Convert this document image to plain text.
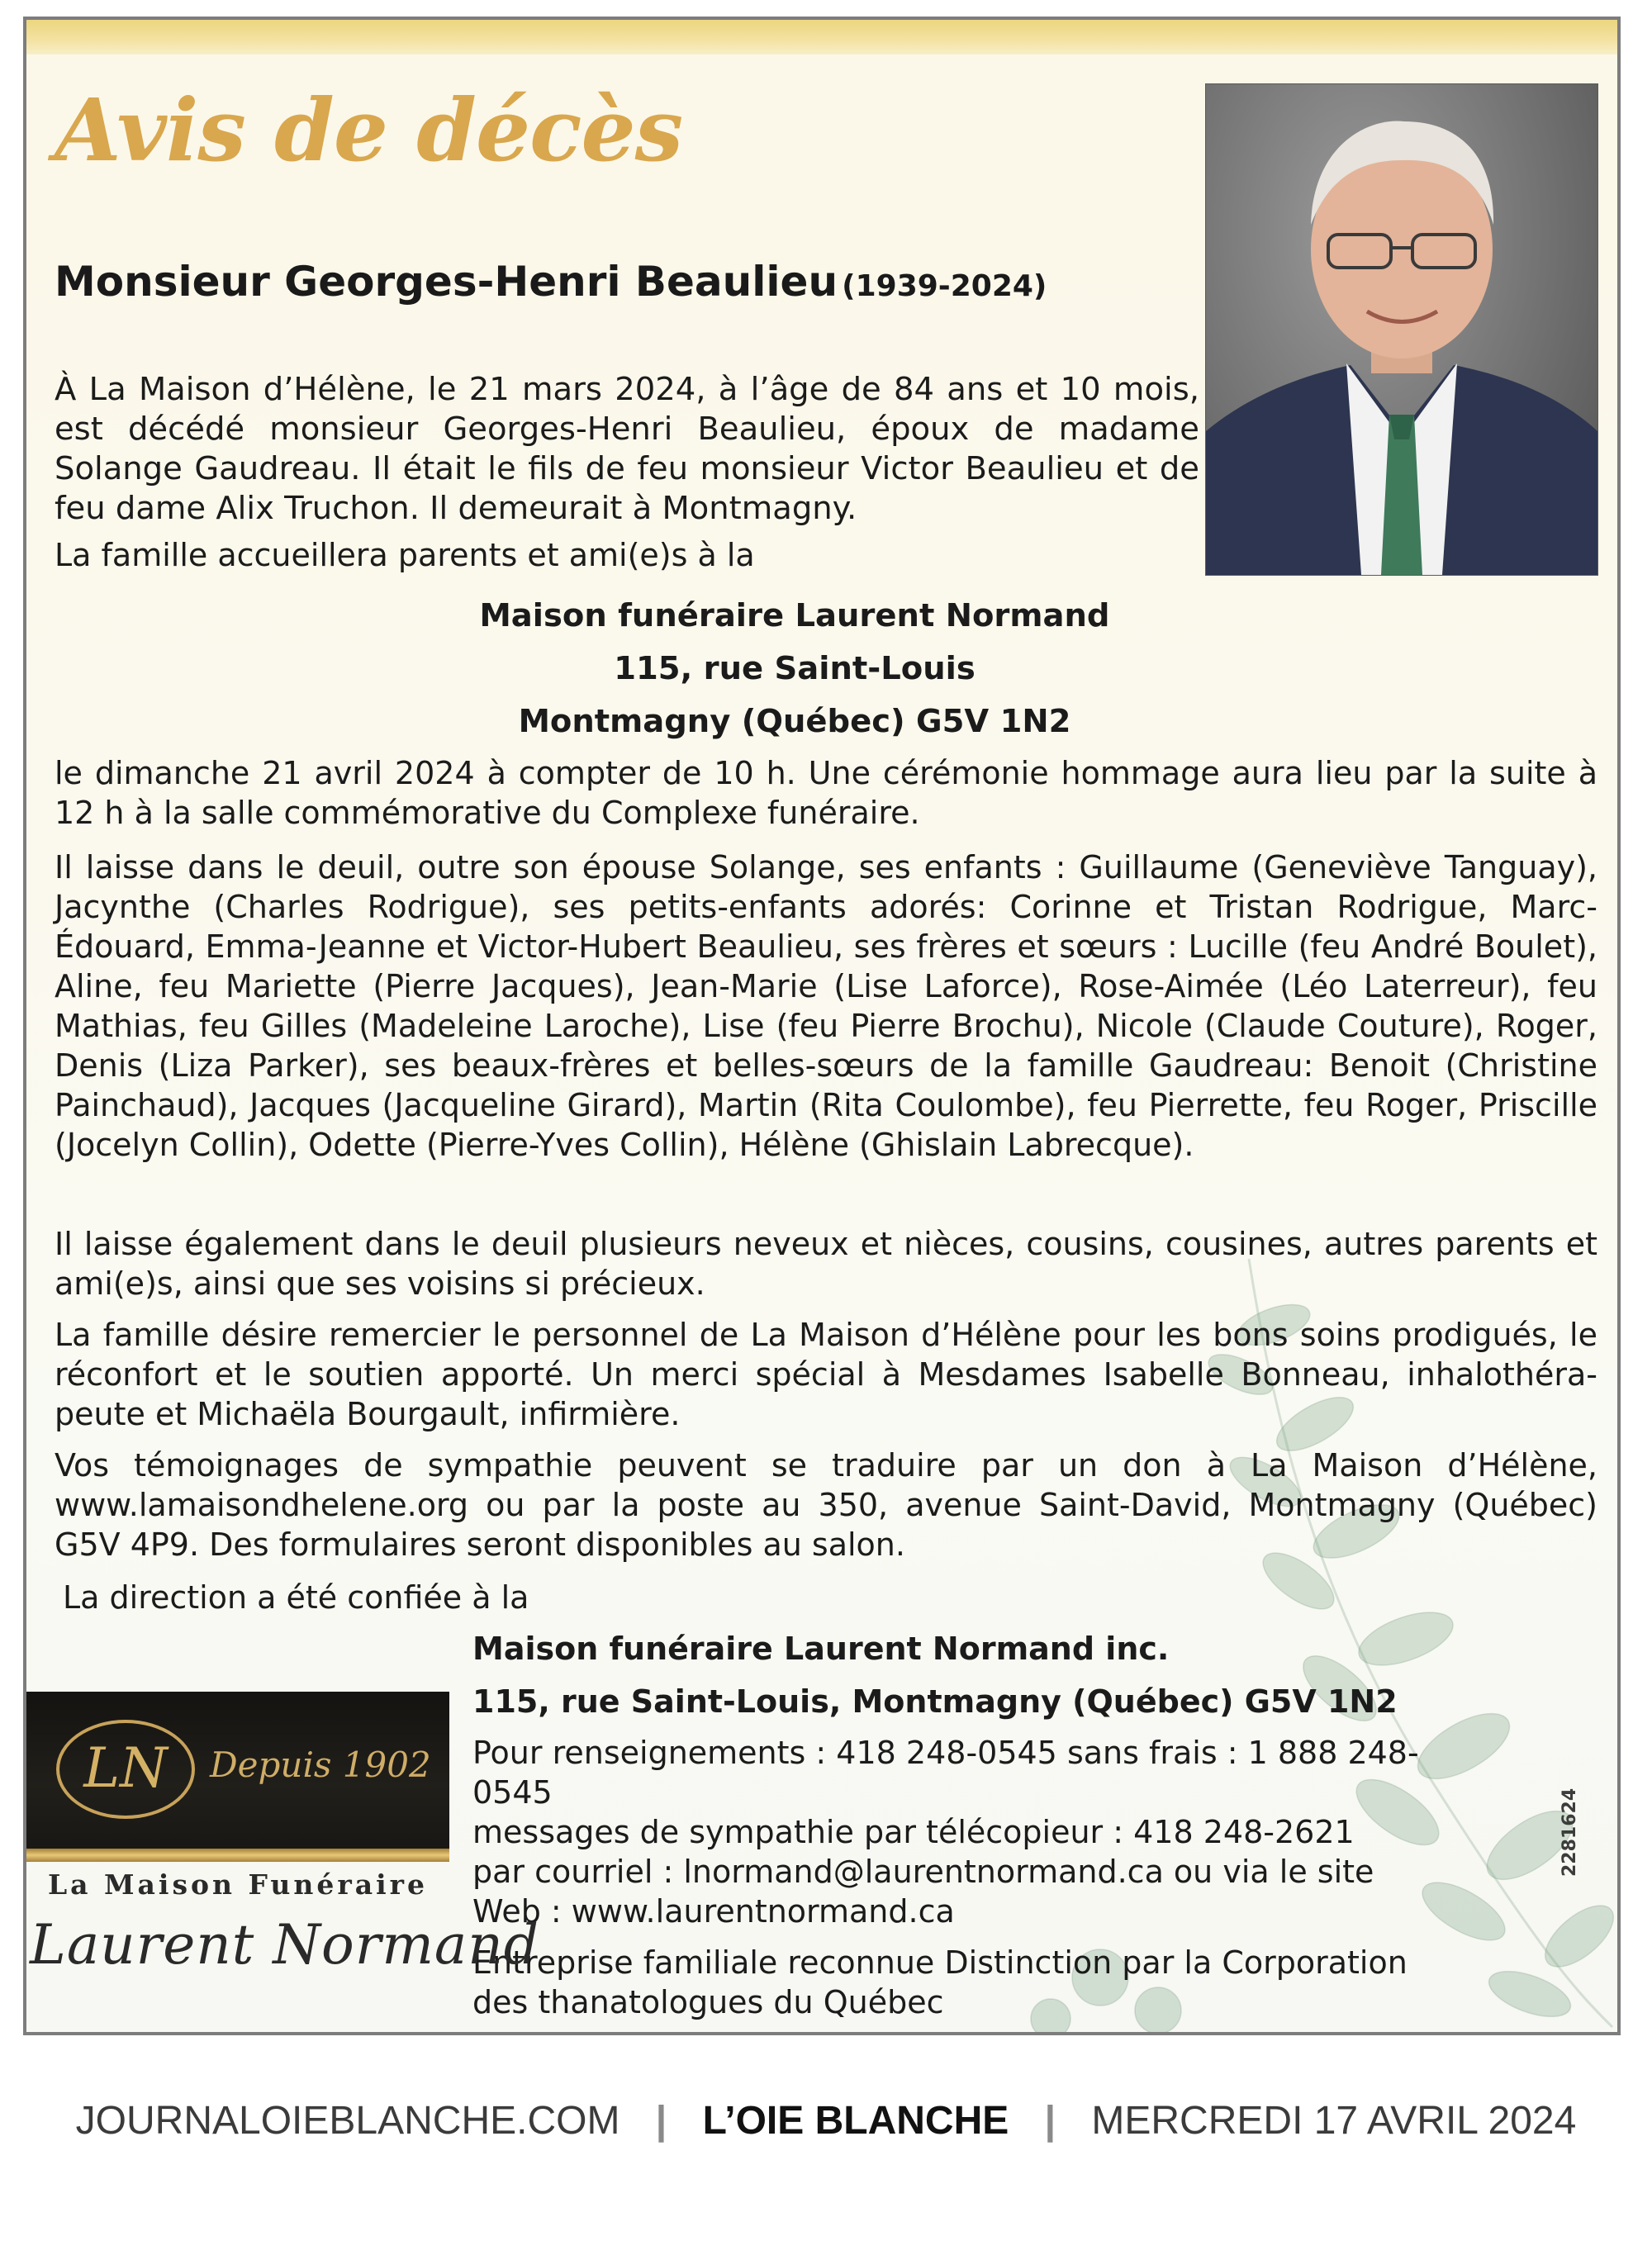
Avis de décès
Monsieur Georges-Henri Beaulieu (1939-2024)
À La Maison d’Hélène, le 21 mars 2024, à l’âge de 84 ans et 10 mois, est décédé monsieur Georges-Henri Beaulieu, époux de madame Solange Gaudreau. Il était le fils de feu monsieur Victor Beaulieu et de feu dame Alix Truchon. Il demeurait à Montmagny.
La famille accueillera parents et ami(e)s à la
Maison funéraire Laurent Normand
115, rue Saint-Louis
Montmagny (Québec) G5V 1N2
le dimanche 21 avril 2024 à compter de 10 h. Une cérémonie hommage aura lieu par la suite à 12 h à la salle commémorative du Complexe funéraire.
Il laisse dans le deuil, outre son épouse Solange, ses enfants : Guillaume (Geneviève Tanguay), Jacynthe (Charles Rodrigue), ses petits-enfants adorés: Corinne et Tristan Rodrigue, Marc-Édouard, Emma-Jeanne et Victor-Hubert Beaulieu, ses frères et sœurs : Lucille (feu André Boulet), Aline, feu Mariette (Pierre Jacques), Jean-Marie (Lise Laforce), Rose-Aimée (Léo Laterreur), feu Mathias, feu Gilles (Madeleine Laroche), Lise (feu Pierre Brochu), Nicole (Claude Couture), Roger, Denis (Liza Parker), ses beaux-frères et belles-sœurs de la famille Gaudreau: Benoit (Christine Painchaud), Jacques (Jacqueline Girard), Martin (Rita Coulombe), feu Pierrette, feu Roger, Priscille (Jocelyn Collin), Odette (Pierre-Yves Collin), Hélène (Ghislain Labrecque).
Il laisse également dans le deuil plusieurs neveux et nièces, cousins, cousines, autres parents et ami(e)s, ainsi que ses voisins si précieux.
La famille désire remercier le personnel de La Maison d’Hélène pour les bons soins prodigués, le réconfort et le soutien apporté. Un merci spécial à Mesdames Isabelle Bonneau, inhalothéra-peute et Michaëla Bourgault, infirmière.
Vos témoignages de sympathie peuvent se traduire par un don à La Maison d’Hélène, www.lamaisondhelene.org ou par la poste au 350, avenue Saint-David, Montmagny (Québec) G5V 4P9. Des formulaires seront disponibles au salon.
La direction a été confiée à la
Maison funéraire Laurent Normand inc.
115, rue Saint-Louis, Montmagny (Québec) G5V 1N2
Pour renseignements : 418 248-0545 sans frais : 1 888 248-0545
messages de sympathie par télécopieur : 418 248-2621
par courriel : lnormand@laurentnormand.ca ou via le site
Web : www.laurentnormand.ca
Entreprise familiale reconnue Distinction par la Corporation des thanatologues du Québec
LN	Depuis 1902
La Maison Funéraire
Laurent Normand
2281624
JOURNALOIEBLANCHE.COM | L’OIE BLANCHE | MERCREDI 17 AVRIL 2024
